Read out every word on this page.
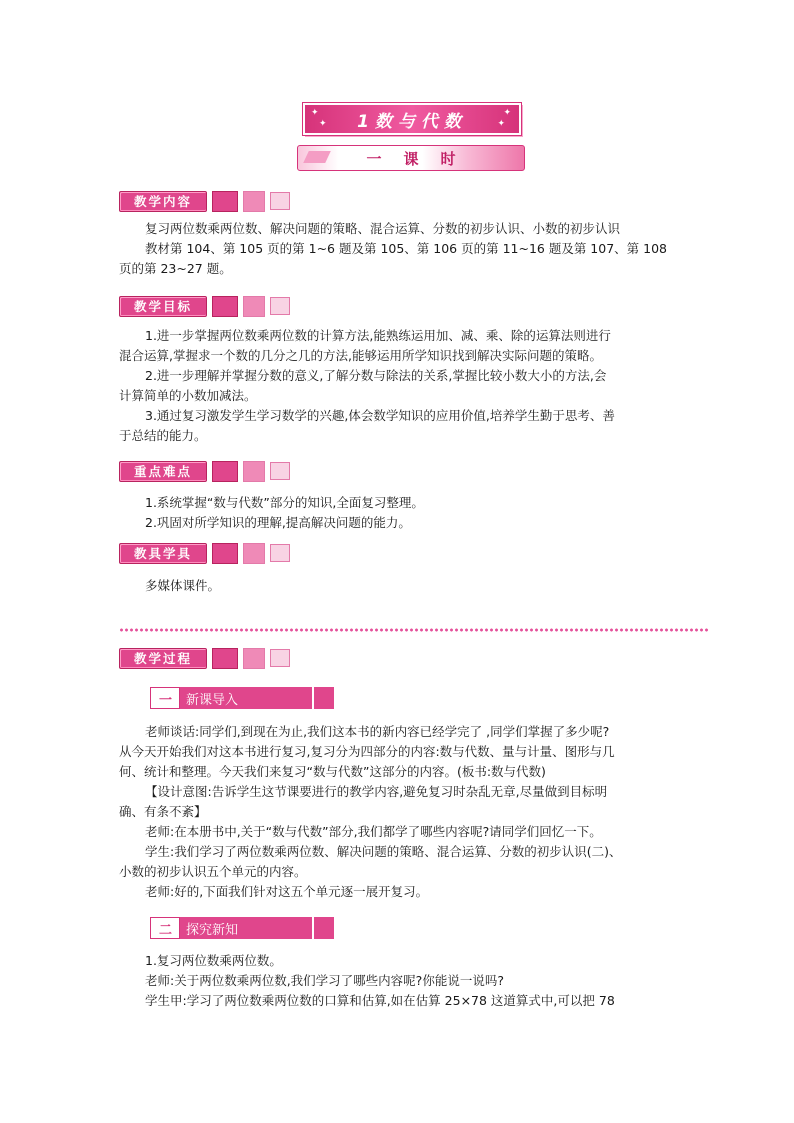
✦
✦
✦
✦
1数与代数
一课时
教学内容
复习两位数乘两位数、解决问题的策略、混合运算、分数的初步认识、小数的初步认识
教材第 104、第 105 页的第 1~6 题及第 105、第 106 页的第 11~16 题及第 107、第 108
页的第 23~27 题。
教学目标
1.进一步掌握两位数乘两位数的计算方法,能熟练运用加、减、乘、除的运算法则进行
混合运算,掌握求一个数的几分之几的方法,能够运用所学知识找到解决实际问题的策略。
2.进一步理解并掌握分数的意义,了解分数与除法的关系,掌握比较小数大小的方法,会
计算简单的小数加减法。
3.通过复习激发学生学习数学的兴趣,体会数学知识的应用价值,培养学生勤于思考、善
于总结的能力。
重点难点
1.系统掌握“数与代数”部分的知识,全面复习整理。
2.巩固对所学知识的理解,提高解决问题的能力。
教具学具
多媒体课件。
教学过程
一	新课导入
老师谈话:同学们,到现在为止,我们这本书的新内容已经学完了 ,同学们掌握了多少呢?
从今天开始我们对这本书进行复习,复习分为四部分的内容:数与代数、量与计量、图形与几
何、统计和整理。今天我们来复习“数与代数”这部分的内容。(板书:数与代数)
【设计意图:告诉学生这节课要进行的教学内容,避免复习时杂乱无章,尽量做到目标明
确、有条不紊】
老师:在本册书中,关于“数与代数”部分,我们都学了哪些内容呢?请同学们回忆一下。
学生:我们学习了两位数乘两位数、解决问题的策略、混合运算、分数的初步认识(二)、
小数的初步认识五个单元的内容。
老师:好的,下面我们针对这五个单元逐一展开复习。
二	探究新知
1.复习两位数乘两位数。
老师:关于两位数乘两位数,我们学习了哪些内容呢?你能说一说吗?
学生甲:学习了两位数乘两位数的口算和估算,如在估算 25×78 这道算式中,可以把 78
